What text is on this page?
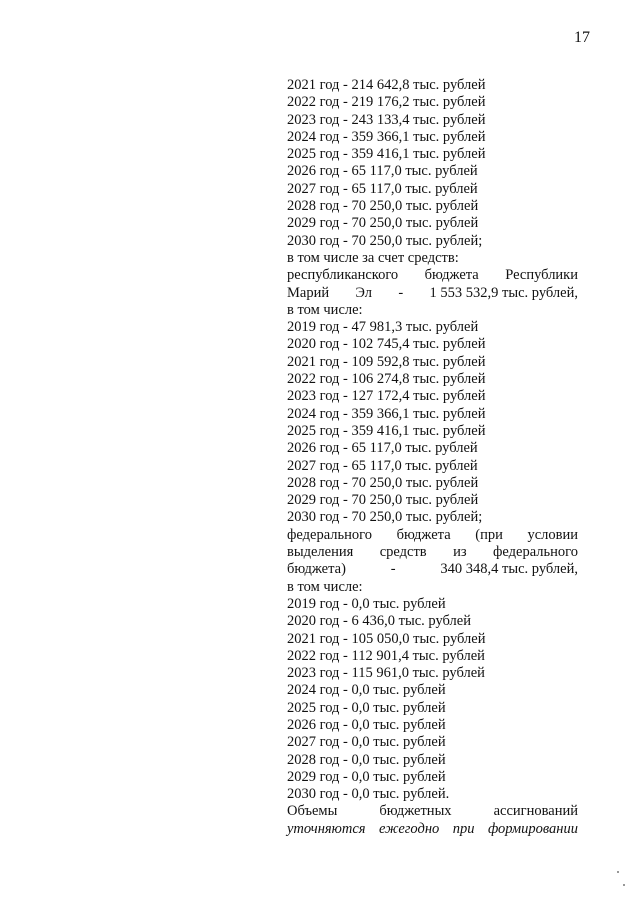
17
2021 год - 214 642,8 тыс. рублей
2022 год - 219 176,2 тыс. рублей
2023 год - 243 133,4 тыс. рублей
2024 год - 359 366,1 тыс. рублей
2025 год - 359 416,1 тыс. рублей
2026 год - 65 117,0 тыс. рублей
2027 год - 65 117,0 тыс. рублей
2028 год - 70 250,0 тыс. рублей
2029 год - 70 250,0 тыс. рублей
2030 год - 70 250,0 тыс. рублей;
в том числе за счет средств:
республиканского бюджета Республики
Марий Эл - 1 553 532,9 тыс. рублей,
в том числе:
2019 год - 47 981,3 тыс. рублей
2020 год - 102 745,4 тыс. рублей
2021 год - 109 592,8 тыс. рублей
2022 год - 106 274,8 тыс. рублей
2023 год - 127 172,4 тыс. рублей
2024 год - 359 366,1 тыс. рублей
2025 год - 359 416,1 тыс. рублей
2026 год - 65 117,0 тыс. рублей
2027 год - 65 117,0 тыс. рублей
2028 год - 70 250,0 тыс. рублей
2029 год - 70 250,0 тыс. рублей
2030 год - 70 250,0 тыс. рублей;
федерального бюджета (при условии
выделения средств из федерального
бюджета)	-	340 348,4 тыс. рублей,
в том числе:
2019 год - 0,0 тыс. рублей
2020 год - 6 436,0 тыс. рублей
2021 год - 105 050,0 тыс. рублей
2022 год - 112 901,4 тыс. рублей
2023 год - 115 961,0 тыс. рублей
2024 год - 0,0 тыс. рублей
2025 год - 0,0 тыс. рублей
2026 год - 0,0 тыс. рублей
2027 год - 0,0 тыс. рублей
2028 год - 0,0 тыс. рублей
2029 год - 0,0 тыс. рублей
2030 год - 0,0 тыс. рублей.
Объемы	бюджетных	ассигнований
уточняются ежегодно при формировании
